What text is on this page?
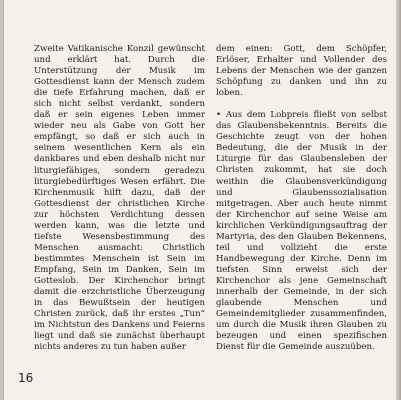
Zweite Vatikanische Konzil gewünscht und erklärt hat. Durch die Unterstützung der Musik im Gottesdienst kann der Mensch zudem die tiefe Erfahrung machen, daß er sich nicht selbst verdankt, sondern daß er sein eigenes Leben immer wieder neu als Gabe von Gott her empfängt, so daß er sich auch in seinem wesentlichen Kern als ein dankbares und eben deshalb nicht nur liturgiefähiges, sondern geradezu liturgiebedürftiges Wesen erfährt. Die Kirchenmusik hilft dazu, daß der Gottesdienst der christlichen Kirche zur höchsten Verdichtung dessen werden kann, was die letzte und tiefste Wesensbestimmung des Menschen ausmacht: Christlich bestimmtes Menschein ist Sein im Empfang, Sein im Danken, Sein im Gotteslob. Der Kirchenchor bringt damit die erzchristliche Überzeugung in das Bewußtsein der heutigen Christen zurück, daß ihr erstes „Tun“ im Nichtstun des Dankens und Feierns liegt und daß sie zunächst überhaupt nichts anderes zu tun haben außer

dem einen: Gott, dem Schöpfer, Erlöser, Erhalter und Vollender des Lebens der Menschen wie der ganzen Schöpfung zu danken und ihn zu loben.

• Aus dem Lobpreis fließt von selbst das Glaubensbekenntnis. Bereits die Geschichte zeugt von der hohen Bedeutung, die der Musik in der Liturgie für das Glaubensleben der Christen zukommt, hat sie doch weithin die Glaubensverkündigung und Glaubenssozialisation mitgetragen. Aber auch heute nimmt der Kirchenchor auf seine Weise am kirchlichen Verkündigungsauftrag der Martyria, des den Glauben Bekennens, teil und vollzieht die erste Handbewegung der Kirche. Denn im tiefsten Sinn erweist sich der Kirchenchor als jene Gemeinschaft innerhalb der Gemeinde, in der sich glaubende Menschen und Gemeindemitglieder zusammenfinden, um durch die Musik ihren Glauben zu bezeugen und einen spezifischen Dienst für die Gemeinde auszuüben.

16
